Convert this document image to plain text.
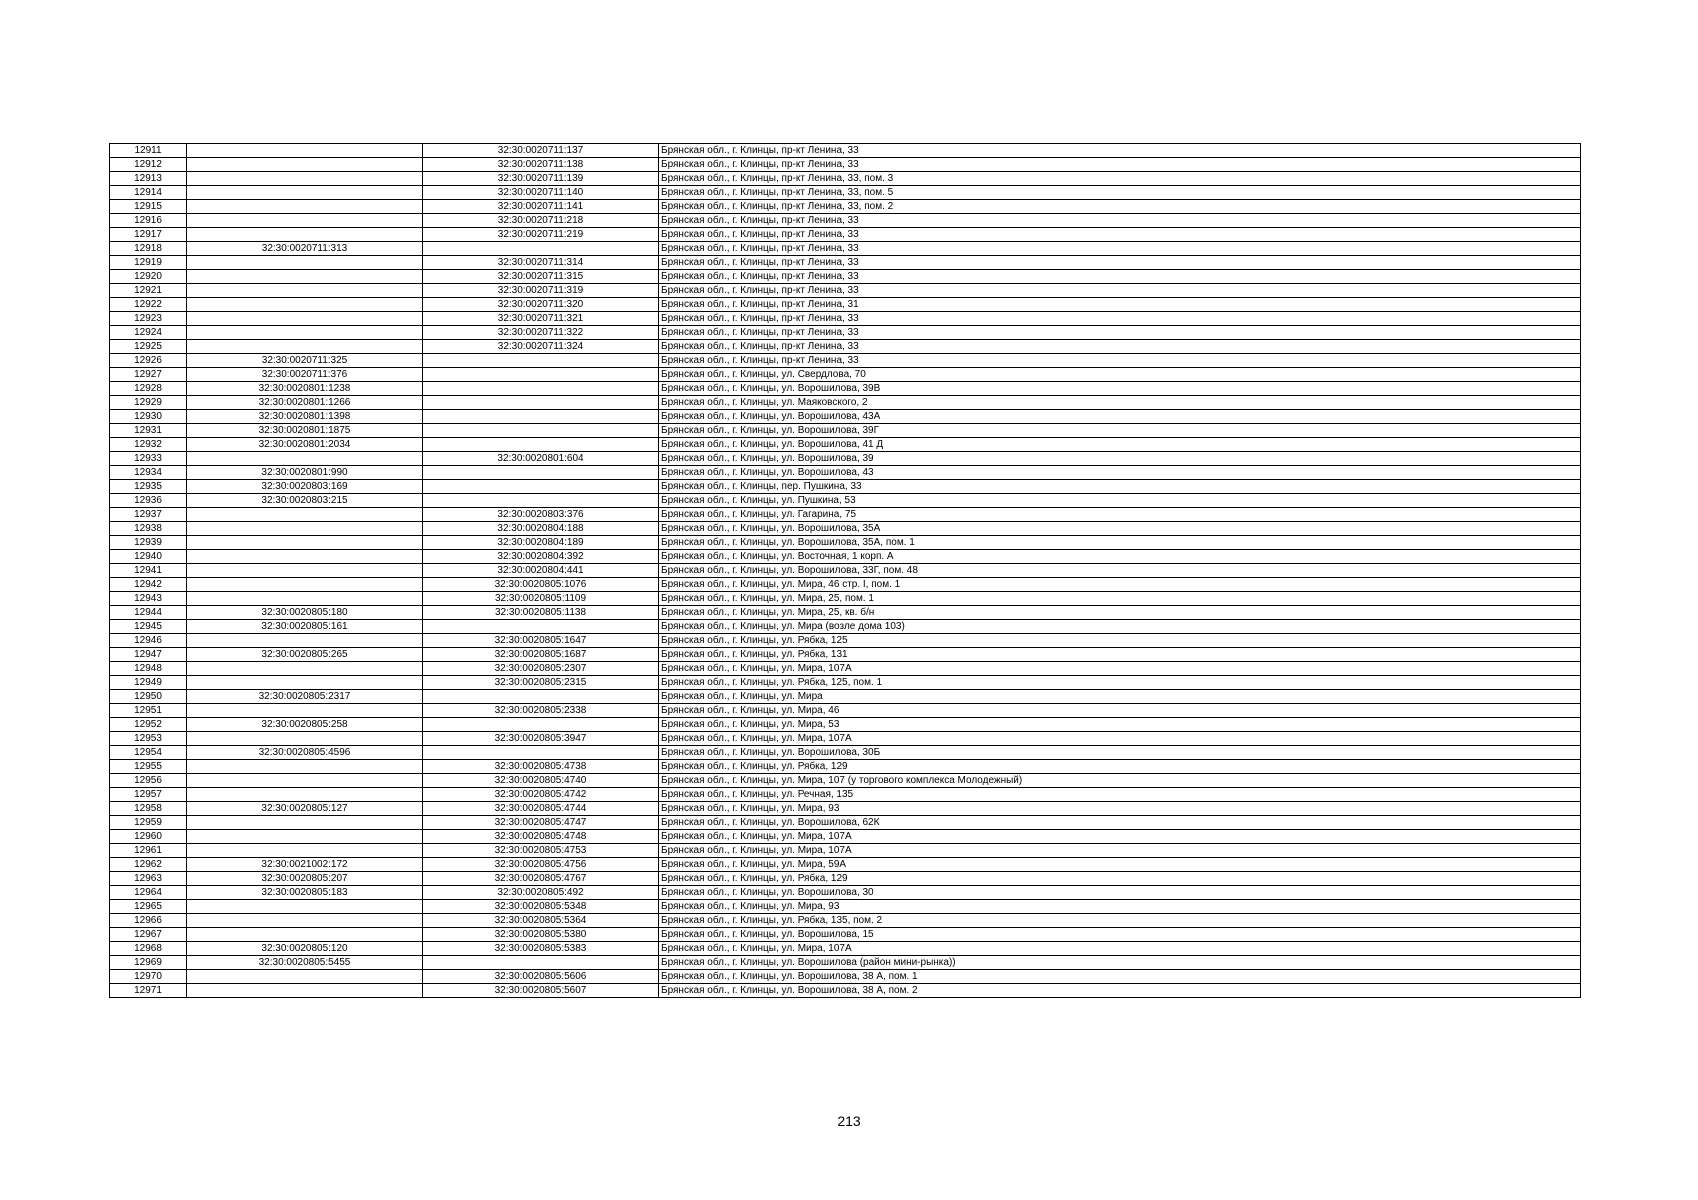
12911		32:30:0020711:137	Брянская обл., г. Клинцы, пр-кт Ленина, 33
12912		32:30:0020711:138	Брянская обл., г. Клинцы, пр-кт Ленина, 33
12913		32:30:0020711:139	Брянская обл., г. Клинцы, пр-кт Ленина, 33, пом. 3
12914		32:30:0020711:140	Брянская обл., г. Клинцы, пр-кт Ленина, 33, пом. 5
12915		32:30:0020711:141	Брянская обл., г. Клинцы, пр-кт Ленина, 33, пом. 2
12916		32:30:0020711:218	Брянская обл., г. Клинцы, пр-кт Ленина, 33
12917		32:30:0020711:219	Брянская обл., г. Клинцы, пр-кт Ленина, 33
12918	32:30:0020711:313		Брянская обл., г. Клинцы, пр-кт Ленина, 33
12919		32:30:0020711:314	Брянская обл., г. Клинцы, пр-кт Ленина, 33
12920		32:30:0020711:315	Брянская обл., г. Клинцы, пр-кт Ленина, 33
12921		32:30:0020711:319	Брянская обл., г. Клинцы, пр-кт Ленина, 33
12922		32:30:0020711:320	Брянская обл., г. Клинцы, пр-кт Ленина, 31
12923		32:30:0020711:321	Брянская обл., г. Клинцы, пр-кт Ленина, 33
12924		32:30:0020711:322	Брянская обл., г. Клинцы, пр-кт Ленина, 33
12925		32:30:0020711:324	Брянская обл., г. Клинцы, пр-кт Ленина, 33
12926	32:30:0020711:325		Брянская обл., г. Клинцы, пр-кт Ленина, 33
12927	32:30:0020711:376		Брянская обл., г. Клинцы, ул. Свердлова, 70
12928	32:30:0020801:1238		Брянская обл., г. Клинцы, ул. Ворошилова, 39В
12929	32:30:0020801:1266		Брянская обл., г. Клинцы, ул. Маяковского, 2
12930	32:30:0020801:1398		Брянская обл., г. Клинцы, ул. Ворошилова, 43А
12931	32:30:0020801:1875		Брянская обл., г. Клинцы, ул. Ворошилова, 39Г
12932	32:30:0020801:2034		Брянская обл., г. Клинцы, ул. Ворошилова, 41 Д
12933		32:30:0020801:604	Брянская обл., г. Клинцы, ул. Ворошилова, 39
12934	32:30:0020801:990		Брянская обл., г. Клинцы, ул. Ворошилова, 43
12935	32:30:0020803:169		Брянская обл., г. Клинцы, пер. Пушкина, 33
12936	32:30:0020803:215		Брянская обл., г. Клинцы, ул. Пушкина, 53
12937		32:30:0020803:376	Брянская обл., г. Клинцы, ул. Гагарина, 75
12938		32:30:0020804:188	Брянская обл., г. Клинцы, ул. Ворошилова, 35А
12939		32:30:0020804:189	Брянская обл., г. Клинцы, ул. Ворошилова, 35А, пом. 1
12940		32:30:0020804:392	Брянская обл., г. Клинцы, ул. Восточная, 1 корп. А
12941		32:30:0020804:441	Брянская обл., г. Клинцы, ул. Ворошилова, 33Г, пом. 48
12942		32:30:0020805:1076	Брянская обл., г. Клинцы, ул. Мира, 46 стр. I, пом. 1
12943		32:30:0020805:1109	Брянская обл., г. Клинцы, ул. Мира, 25, пом. 1
12944	32:30:0020805:180	32:30:0020805:1138	Брянская обл., г. Клинцы, ул. Мира, 25, кв. б/н
12945	32:30:0020805:161		Брянская обл., г. Клинцы, ул. Мира (возле дома 103)
12946		32:30:0020805:1647	Брянская обл., г. Клинцы, ул. Рябка, 125
12947	32:30:0020805:265	32:30:0020805:1687	Брянская обл., г. Клинцы, ул. Рябка, 131
12948		32:30:0020805:2307	Брянская обл., г. Клинцы, ул. Мира, 107А
12949		32:30:0020805:2315	Брянская обл., г. Клинцы, ул. Рябка, 125, пом. 1
12950	32:30:0020805:2317		Брянская обл., г. Клинцы, ул. Мира
12951		32:30:0020805:2338	Брянская обл., г. Клинцы, ул. Мира, 46
12952	32:30:0020805:258		Брянская обл., г. Клинцы, ул. Мира, 53
12953		32:30:0020805:3947	Брянская обл., г. Клинцы, ул. Мира, 107А
12954	32:30:0020805:4596		Брянская обл., г. Клинцы, ул. Ворошилова, 30Б
12955		32:30:0020805:4738	Брянская обл., г. Клинцы, ул. Рябка, 129
12956		32:30:0020805:4740	Брянская обл., г. Клинцы, ул. Мира, 107 (у торгового комплекса Молодежный)
12957		32:30:0020805:4742	Брянская обл., г. Клинцы, ул. Речная, 135
12958	32:30:0020805:127	32:30:0020805:4744	Брянская обл., г. Клинцы, ул. Мира, 93
12959		32:30:0020805:4747	Брянская обл., г. Клинцы, ул. Ворошилова, 62К
12960		32:30:0020805:4748	Брянская обл., г. Клинцы, ул. Мира, 107А
12961		32:30:0020805:4753	Брянская обл., г. Клинцы, ул. Мира, 107А
12962	32:30:0021002:172	32:30:0020805:4756	Брянская обл., г. Клинцы, ул. Мира, 59А
12963	32:30:0020805:207	32:30:0020805:4767	Брянская обл., г. Клинцы, ул. Рябка, 129
12964	32:30:0020805:183	32:30:0020805:492	Брянская обл., г. Клинцы, ул. Ворошилова, 30
12965		32:30:0020805:5348	Брянская обл., г. Клинцы, ул. Мира, 93
12966		32:30:0020805:5364	Брянская обл., г. Клинцы, ул. Рябка, 135, пом. 2
12967		32:30:0020805:5380	Брянская обл., г. Клинцы, ул. Ворошилова, 15
12968	32:30:0020805:120	32:30:0020805:5383	Брянская обл., г. Клинцы, ул. Мира, 107А
12969	32:30:0020805:5455		Брянская обл., г. Клинцы, ул. Ворошилова (район мини-рынка))
12970		32:30:0020805:5606	Брянская обл., г. Клинцы, ул. Ворошилова, 38 А, пом. 1
12971		32:30:0020805:5607	Брянская обл., г. Клинцы, ул. Ворошилова, 38 А, пом. 2
213
